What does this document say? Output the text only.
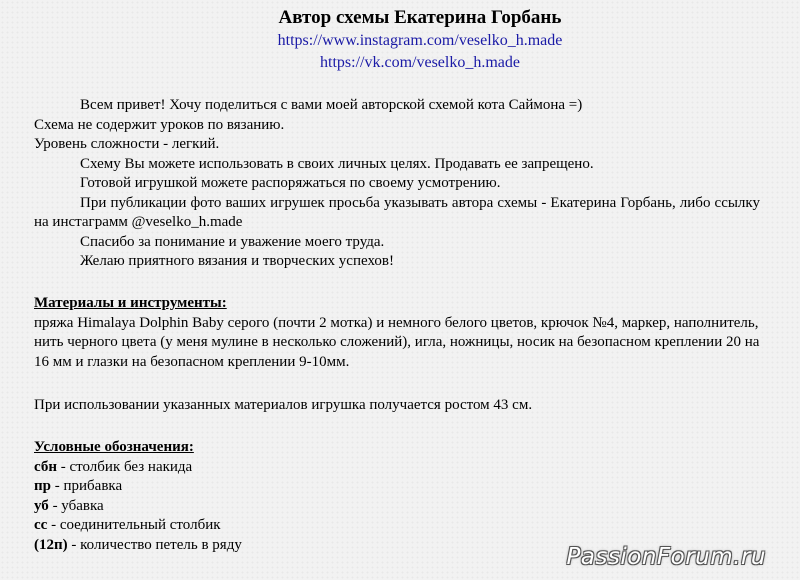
Автор схемы Екатерина Горбань
https://www.instagram.com/veselko_h.made
https://vk.com/veselko_h.made

Всем привет! Хочу поделиться с вами моей авторской схемой кота Саймона =)

Схема не содержит уроков по вязанию.

Уровень сложности - легкий.

Схему Вы можете использовать в своих личных целях. Продавать ее запрещено.

Готовой игрушкой можете распоряжаться по своему усмотрению.

При публикации фото ваших игрушек просьба указывать автора схемы - Екатерина Горбань, либо ссылку на инстаграмм @veselko_h.made

Спасибо за понимание и уважение моего труда.

Желаю приятного вязания и творческих успехов!

Материалы и инструменты:

пряжа Himalaya Dolphin Baby серого (почти 2 мотка) и немного белого цветов, крючок №4, маркер, наполнитель, нить черного цвета (у меня мулине в несколько сложений), игла, ножницы, носик на безопасном креплении 20 на 16 мм и глазки на безопасном креплении 9-10мм.

При использовании указанных материалов игрушка получается ростом 43 см.
Условные обозначения:
сбн - столбик без накида
пр - прибавка
уб - убавка
сс - соединительный столбик
(12п) - количество петель в ряду	PassionForum.ru
